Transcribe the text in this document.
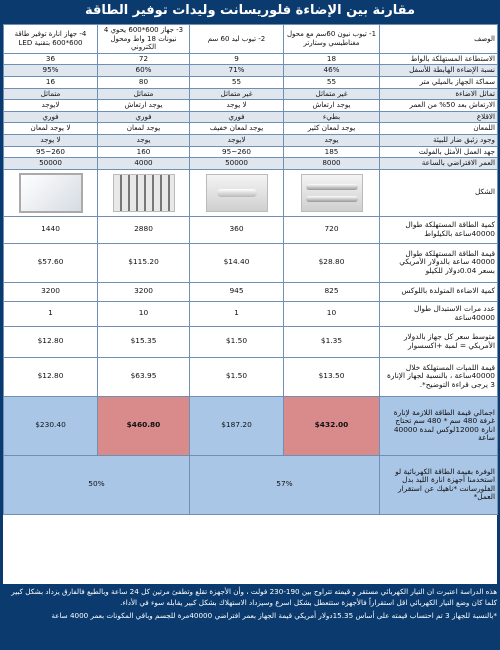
مقارنة بين الإضاءة فلوريسانت وليدات توفير الطاقة
الوصف	1- تيوب نيون 60سم مع محول مغناطيسي وستارتر	2- تيوب ليد 60 سم	3- جهاز 600*600 يحوي 4 نيونات 18 واط ومحول الكتروني	4- جهاز انارة توفير طاقة 600*600 بتقنية LED
الاستطاعة المستهلكة بالواط	18	9	72	36
نسبة الإضاءة الهابطة للأسفل	46%	71%	60%	95%
سماكة الجهاز بالميلي متر	55	55	80	16
تماثل الاضاءة	غير متماثل	غير متماثل	متماثل	متماثل
الارتعاش بعد 50% من العمر	يوجد ارتعاش	لا يوجد	يوجد ارتعاش	لايوجد
الاقلاع	بطيء	فوري	فوري	فوري
اللمعان	يوجد لمعان كثير	يوجد لمعان خفيف	يوجد لمعان	لا يوجد لمعان
وجود زئبق ضار للبيئة	يوجد	لايوجد	يوجد	لا يوجد
جهد العمل الأمثل بالفولت	185	260~95	160	260~95
العمر الافتراضي بالساعة	8000	50000	4000	50000
الشكل	

كمية الطاقة المستهلكة طوال 40000ساعة بالكيلواط	720	360	2880	1440
قيمة الطاقة المستهلكة طوال 40000 ساعة بالدولار الأمريكي بسعر 0.04دولار للكيلو	$28.80	$14.40	$115.20	$57.60
كمية الاضاءة المتولدة باللوكس	825	945	3200	3200
عدد مرات الاستبدال طوال 40000ساعة	10	1	10	1
متوسط سعر كل جهاز بالدولار الأمريكي = لمبة +اكسسوار	$1.35	$1.50	$15.35	$12.80
قيمة اللمبات المستهلكة خلال 40000ساعة ، بالنسبة لجهاز الإنارة 3 يرجى قراءة التوضيح*.	$13.50	$1.50	$63.95	$12.80
اجمالي قيمة الطاقة اللازمة لإنارة غرفة 480 سم * 480 سم تحتاج انارة 12000لوكس لمدة 40000 ساعة	$432.00	$187.20	$460.80	$230.40
الوفرة بقيمة الطاقة الكهربائية لو استخدمنا أجهزة انارة الليد بدل الفلورسانت *ناهيك عن استقرار العمل*	57%		50%	
هذه الدراسة اعتبرت ان التيار الكهربائي مستقر و قيمته تتراوح بين 190-230 فولت ، وأن الأجهزة تقلع وتطفئ مرتين كل 24 ساعة وبالطبع فالفارق يزداد بشكل كبير كلما كان وضع التيار الكهربائي اقل استقراراً فالأجهزة ستتعطل بشكل اسرع وسيزداد الاستهلاك بشكل كبير يقابله سوء في الأداء.
*بالنسبة للجهاز 3 تم احتساب قيمته على أساس 15.35دولار أمريكي قيمة الجهاز بعمر افتراضي 40000مرة للجسم وباقي المكونات بعمر 4000 ساعة
